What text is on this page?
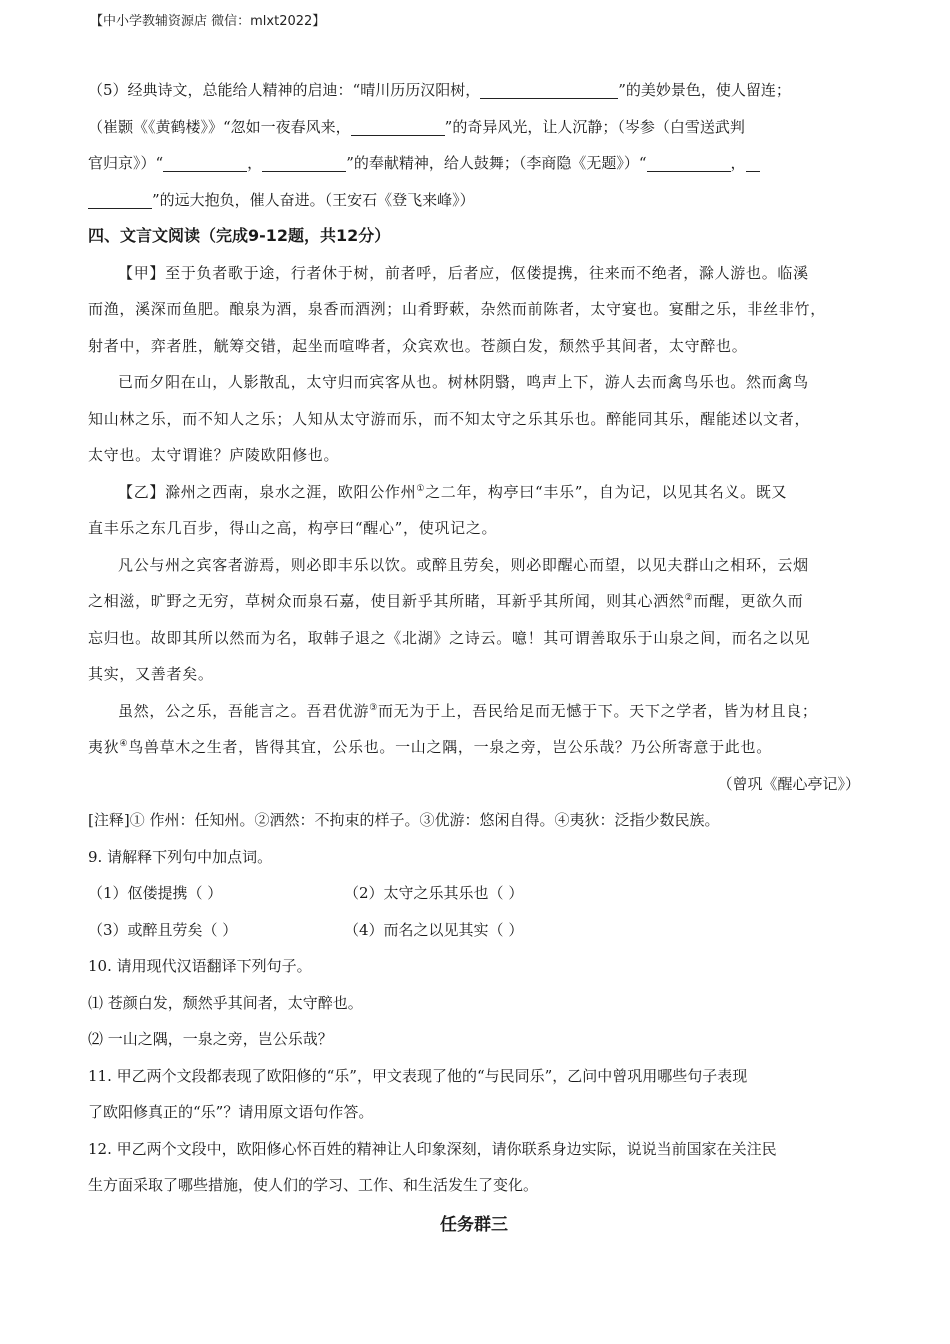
【中小学教辅资源店 微信：mlxt2022】
（5）经典诗文，总能给人精神的启迪：“晴川历历汉阳树，	”的美妙景色，使人留连；
（崔颢《《黄鹤楼》》“忽如一夜春风来，	”的奇异风光，让人沉静；（岑参（白雪送武判
官归京》）“	，	”的奉献精神，给人鼓舞；（李商隐《无题》）“	，
”的远大抱负，催人奋进。（王安石《登飞来峰》）
四、文言文阅读（完成9-12题，共12分）
【甲】至于负者歌于途，行者休于树，前者呼，后者应，伛偻提携，往来而不绝者，滁人游也。临溪
而渔，溪深而鱼肥。酿泉为酒，泉香而酒洌；山肴野蔌，杂然而前陈者，太守宴也。宴酣之乐，非丝非竹，
射者中，弈者胜，觥筹交错，起坐而喧哗者，众宾欢也。苍颜白发，颓然乎其间者，太守醉也。
已而夕阳在山，人影散乱，太守归而宾客从也。树林阴翳，鸣声上下，游人去而禽鸟乐也。然而禽鸟
知山林之乐，而不知人之乐；人知从太守游而乐，而不知太守之乐其乐也。醉能同其乐，醒能述以文者，
太守也。太守谓谁？庐陵欧阳修也。
【乙】滁州之西南，泉水之涯，欧阳公作州①之二年，构亭曰“丰乐”，自为记，以见其名义。既又
直丰乐之东几百步，得山之高，构亭曰“醒心”，使巩记之。
凡公与州之宾客者游焉，则必即丰乐以饮。或醉且劳矣，则必即醒心而望，以见夫群山之相环，云烟
之相滋，旷野之无穷，草树众而泉石嘉，使目新乎其所睹，耳新乎其所闻，则其心洒然②而醒，更欲久而
忘归也。故即其所以然而为名，取韩子退之《北湖》之诗云。噫！其可谓善取乐于山泉之间，而名之以见
其实，又善者矣。
虽然，公之乐，吾能言之。吾君优游③而无为于上，吾民给足而无憾于下。天下之学者，皆为材且良；
夷狄④鸟兽草木之生者，皆得其宜，公乐也。一山之隅，一泉之旁，岂公乐哉？乃公所寄意于此也。
（曾巩《醒心亭记》）
[注释]① 作州：任知州。②洒然：不拘束的样子。③优游：悠闲自得。④夷狄：泛指少数民族。
9. 请解释下列句中加点词。
（1）伛偻提携（ ）	（2）太守之乐其乐也（ ）
（3）或醉且劳矣（ ）	（4）而名之以见其实（ ）
10. 请用现代汉语翻译下列句子。
⑴ 苍颜白发，颓然乎其间者，太守醉也。
⑵ 一山之隅，一泉之旁，岂公乐哉？
11. 甲乙两个文段都表现了欧阳修的“乐”，甲文表现了他的“与民同乐”，乙问中曾巩用哪些句子表现
了欧阳修真正的“乐”？请用原文语句作答。
12. 甲乙两个文段中，欧阳修心怀百姓的精神让人印象深刻，请你联系身边实际，说说当前国家在关注民
生方面采取了哪些措施，使人们的学习、工作、和生活发生了变化。
任务群三
